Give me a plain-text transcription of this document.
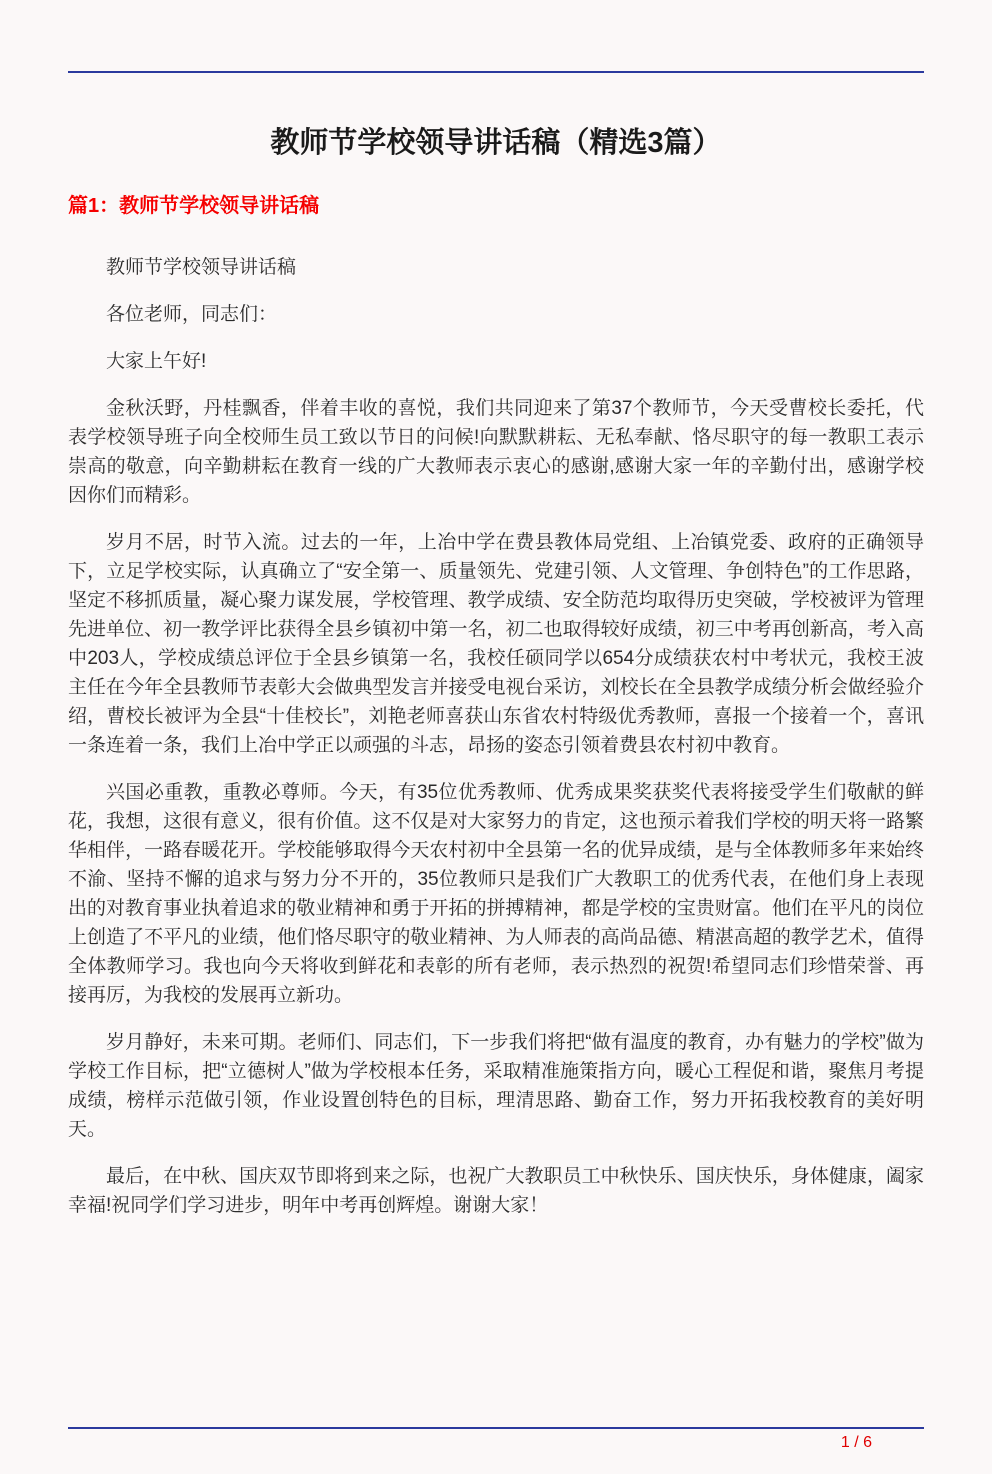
教师节学校领导讲话稿（精选3篇）
篇1：教师节学校领导讲话稿

教师节学校领导讲话稿

各位老师，同志们：

大家上午好!

金秋沃野，丹桂飘香，伴着丰收的喜悦，我们共同迎来了第37个教师节，今天受曹校长委托，代表学校领导班子向全校师生员工致以节日的问候!向默默耕耘、无私奉献、恪尽职守的每一教职工表示崇高的敬意，向辛勤耕耘在教育一线的广大教师表示衷心的感谢,感谢大家一年的辛勤付出，感谢学校因你们而精彩。

岁月不居，时节入流。过去的一年，上冶中学在费县教体局党组、上冶镇党委、政府的正确领导下，立足学校实际，认真确立了“安全第一、质量领先、党建引领、人文管理、争创特色”的工作思路，坚定不移抓质量，凝心聚力谋发展，学校管理、教学成绩、安全防范均取得历史突破，学校被评为管理先进单位、初一教学评比获得全县乡镇初中第一名，初二也取得较好成绩，初三中考再创新高，考入高中203人，学校成绩总评位于全县乡镇第一名，我校任硕同学以654分成绩获农村中考状元，我校王波主任在今年全县教师节表彰大会做典型发言并接受电视台采访，刘校长在全县教学成绩分析会做经验介绍，曹校长被评为全县“十佳校长”，刘艳老师喜获山东省农村特级优秀教师，喜报一个接着一个，喜讯一条连着一条，我们上冶中学正以顽强的斗志，昂扬的姿态引领着费县农村初中教育。

兴国必重教，重教必尊师。今天，有35位优秀教师、优秀成果奖获奖代表将接受学生们敬献的鲜花，我想，这很有意义，很有价值。这不仅是对大家努力的肯定，这也预示着我们学校的明天将一路繁华相伴，一路春暖花开。学校能够取得今天农村初中全县第一名的优异成绩，是与全体教师多年来始终不渝、坚持不懈的追求与努力分不开的，35位教师只是我们广大教职工的优秀代表，在他们身上表现出的对教育事业执着追求的敬业精神和勇于开拓的拼搏精神，都是学校的宝贵财富。他们在平凡的岗位上创造了不平凡的业绩，他们恪尽职守的敬业精神、为人师表的高尚品德、精湛高超的教学艺术，值得全体教师学习。我也向今天将收到鲜花和表彰的所有老师，表示热烈的祝贺!希望同志们珍惜荣誉、再接再厉，为我校的发展再立新功。

岁月静好，未来可期。老师们、同志们，下一步我们将把“做有温度的教育，办有魅力的学校”做为学校工作目标，把“立德树人”做为学校根本任务，采取精准施策指方向，暖心工程促和谐，聚焦月考提成绩，榜样示范做引领，作业设置创特色的目标，理清思路、勤奋工作，努力开拓我校教育的美好明天。

最后，在中秋、国庆双节即将到来之际，也祝广大教职员工中秋快乐、国庆快乐，身体健康，阖家幸福!祝同学们学习进步，明年中考再创辉煌。谢谢大家！

1 / 6
